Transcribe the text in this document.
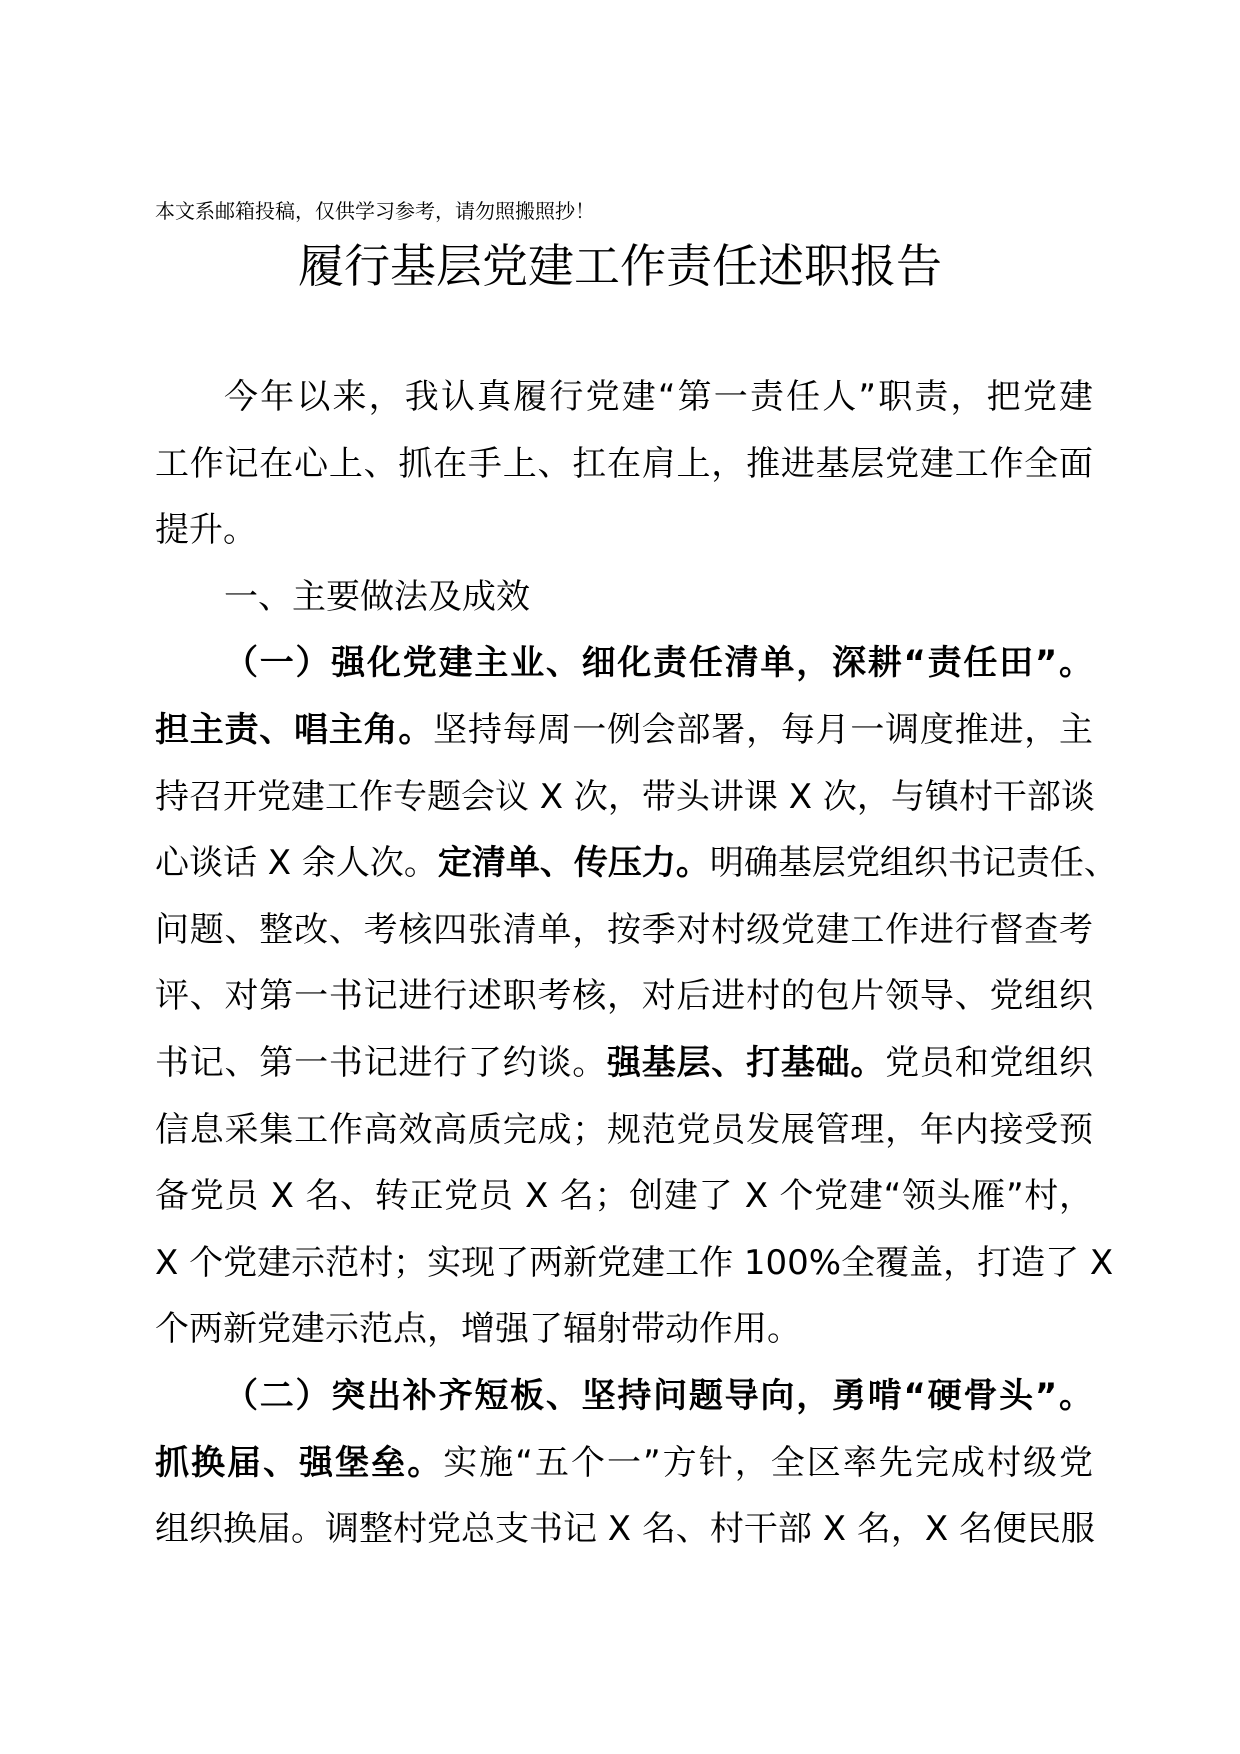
本文系邮箱投稿，仅供学习参考，请勿照搬照抄！
履行基层党建工作责任述职报告
今年以来，我认真履行党建“第一责任人”职责，把党建
工作记在心上、抓在手上、扛在肩上，推进基层党建工作全面
提升。
一、主要做法及成效
（一）强化党建主业、细化责任清单，深耕“责任田”。
担主责、唱主角。坚持每周一例会部署，每月一调度推进，主
持召开党建工作专题会议 X 次，带头讲课 X 次，与镇村干部谈
心谈话 X 余人次。定清单、传压力。明确基层党组织书记责任、
问题、整改、考核四张清单，按季对村级党建工作进行督查考
评、对第一书记进行述职考核，对后进村的包片领导、党组织
书记、第一书记进行了约谈。强基层、打基础。党员和党组织
信息采集工作高效高质完成；规范党员发展管理，年内接受预
备党员 X 名、转正党员 X 名；创建了 X 个党建“领头雁”村，
X 个党建示范村；实现了两新党建工作 100%全覆盖，打造了 X
个两新党建示范点，增强了辐射带动作用。
（二）突出补齐短板、坚持问题导向，勇啃“硬骨头”。
抓换届、强堡垒。实施“五个一”方针，全区率先完成村级党
组织换届。调整村党总支书记 X 名、村干部 X 名，X 名便民服
